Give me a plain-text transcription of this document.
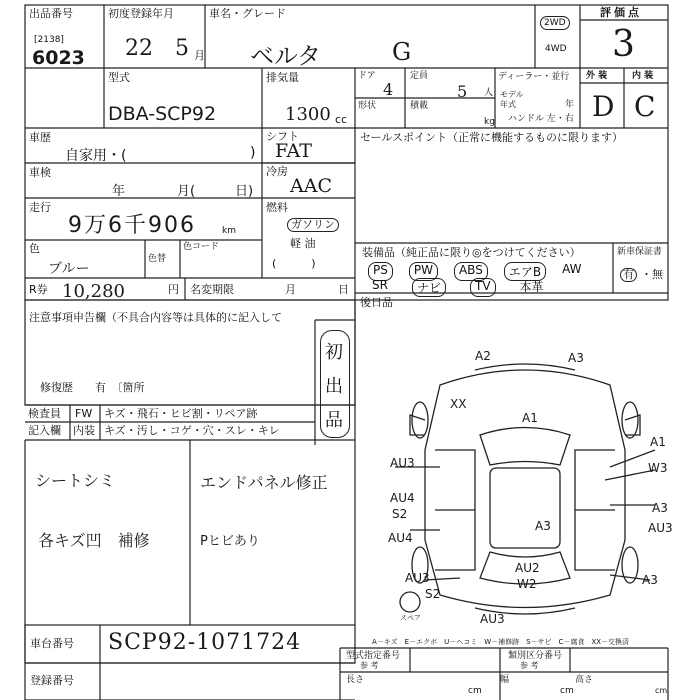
出品番号
[2138]
6023
初度登録年月
22 5 月
車名・グレード
ベルタ	G
2WD
4WD
評価点
3
型式
DBA-SCP92
排気量
1300 cc
ドア
4
定員
5 人
形状	積載
kg
ディーラー・並行
モデル年式	年
ハンドル 左・右
外 装	内 装
D C
車歴
自家用・(	)
車検
年	月(	日)
走行
9万6千906	km
色
ブルー
色替
色コード
R券 10,280	円 名変期限	月	日
シフト
FAT
冷房
AAC
燃料
ガソリン
軽 油
(          )
セールスポイント（正常に機能するものに限ります）
装備品（純正品に限り◎をつけてください）
PS	PW	ABS	エアB	AW
SR	ナビ	TV	本革
新車保証書
有 ・無
後日品
注意事項申告欄（不具合内容等は具体的に記入して
修復歴　　有　〔箇所
初
出
品
検査員
記入欄
FW キズ・飛石・ヒビ割・リペア跡
内装 キズ・汚し・コゲ・穴・スレ・キレ
シートシミ	エンドパネル修正
各キズ凹　補修	Pヒビあり
車台番号 SCP92-1071724
登録番号
A－キズ　E－エクボ　U－ヘコミ　W－補修跡　S－サビ　C－腐食　XX－交換済
型式指定番号
参 考
類別区分番号
参 考
長さ
cm
幅
cm
高さ
cm
A2	A3
XX
A1
A1
AU3	W3
A3
AU4
S2
AU4
A3
AU2
W2
AU3
S2
AU3
A3
AU3
スペア
